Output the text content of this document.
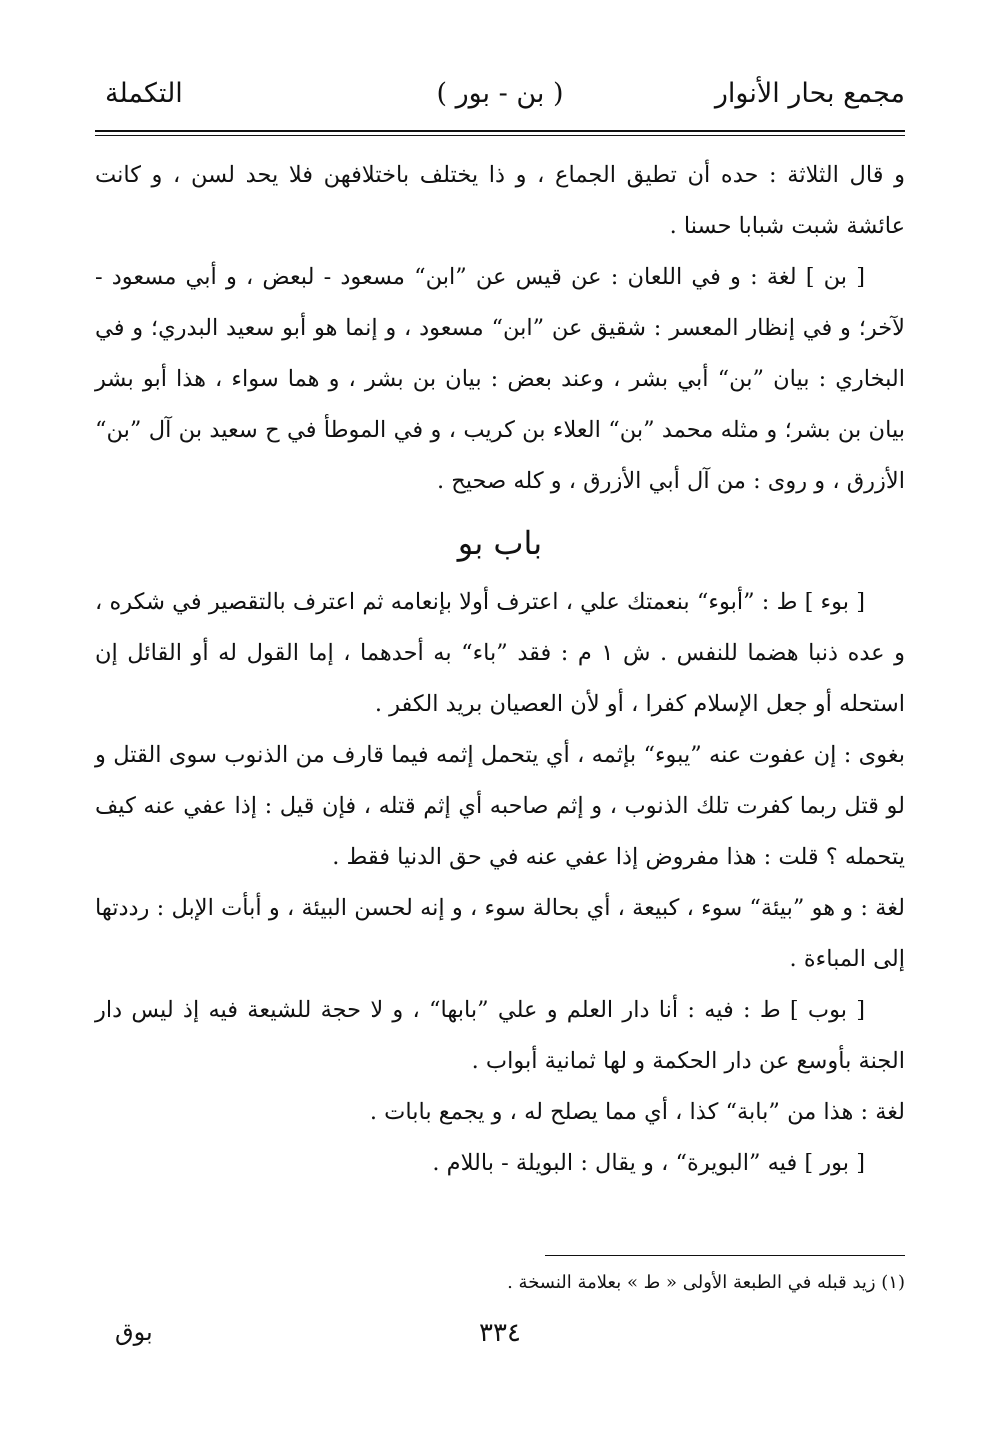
مجمع بحار الأنوار
( بن - بور )
التكملة

و قال الثلاثة : حده أن تطيق الجماع ، و ذا يختلف باختلافهن فلا يحد لسن ، و كانت عائشة شبت شبابا حسنا .

[ بن ] لغة : و في اللعان : عن قيس عن ”ابن“ مسعود - لبعض ، و أبي مسعود - لآخر؛ و في إنظار المعسر : شقيق عن ”ابن“ مسعود ، و إنما هو أبو سعيد البدري؛ و في البخاري : بيان ”بن“ أبي بشر ، وعند بعض : بيان بن بشر ، و هما سواء ، هذا أبو بشر بيان بن بشر؛ و مثله محمد ”بن“ العلاء بن كريب ، و في الموطأ في ح سعيد بن آل ”بن“ الأزرق ، و روى : من آل أبي الأزرق ، و كله صحيح .

باب بو

[ بوء ] ط : ”أبوء“ بنعمتك علي ، اعترف أولا بإنعامه ثم اعترف بالتقصير في شكره ، و عده ذنبا هضما للنفس . ش ١ م : فقد ”باء“ به أحدهما ، إما القول له أو القائل إن استحله أو جعل الإسلام كفرا ، أو لأن العصيان بريد الكفر .

بغوى : إن عفوت عنه ”يبوء“ بإثمه ، أي يتحمل إثمه فيما قارف من الذنوب سوى القتل و لو قتل ربما كفرت تلك الذنوب ، و إثم صاحبه أي إثم قتله ، فإن قيل : إذا عفي عنه كيف يتحمله ؟ قلت : هذا مفروض إذا عفي عنه في حق الدنيا فقط .

لغة : و هو ”بيئة“ سوء ، كبيعة ، أي بحالة سوء ، و إنه لحسن البيئة ، و أبأت الإبل : رددتها إلى المباءة .

[ بوب ] ط : فيه : أنا دار العلم و علي ”بابها“ ، و لا حجة للشيعة فيه إذ ليس دار الجنة بأوسع عن دار الحكمة و لها ثمانية أبواب .

لغة : هذا من ”بابة“ كذا ، أي مما يصلح له ، و يجمع بابات .

[ بور ] فيه ”البويرة“ ، و يقال : البويلة - باللام .

(١) زيد قبله في الطبعة الأولى « ط » بعلامة النسخة .
٣٣٤
بوق
